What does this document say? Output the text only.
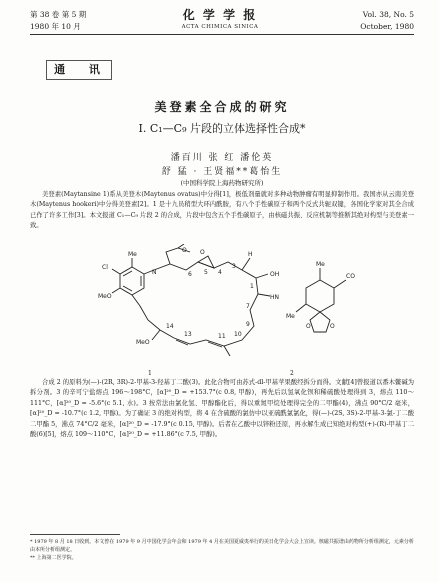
第 38 卷 第 5 期
1980 年 10 月
化 学 学 报
ACTA CHIMICA SINICA
Vol. 38, No. 5
October, 1980
通 讯
美登素全合成的研究
I. C₁—C₉ 片段的立体选择性合成*
潘百川 张 红 潘伦英
舒 猛 · 王贤福**葛怡生
(中国科学院上海药物研究所)
美登素(Maytansine 1)系从美登木(Maytenus ovatus)中分得[1]，极低剂量就对多种动物肿瘤有明显抑制作用。我国亦从云南美登木(Maytenus hookeri)中分得美登素[2]。1 是十九员稍型大环内酰胺，有八个手性碳原子和两个反式共轭双键，各国化学家对其全合成已作了许多工作[3]。本文报道 C₁—C₉ 片段 2 的合成，片段中包含五个手性碳原子，由核磁共振、反应机制等推断其绝对构型与美登素一致。
Cl
MeO
N
Me
O
OH
H
HN
MeO
O
3
4
5
6
7
9
10
11
13
14
1
CO
Me
Me
O	O
1	2
合成 2 的原料为(—)-(2R, 3R)-2-甲基-3-羟基丁二酸(3)。此化合物可由苏式-dl-甲基苹果酸经拆分而得。文献[4]曾报道以番木鳖碱为拆分剂。3 的辛可宁盐熔点 196～198°C，[α]²⁰_D = +153.7°(c 0.8, 甲醇)，再先后以氢氧化钡和稀硫酸处理得到 3，熔点 110～111°C，[α]²⁰_D = -5.6°(c 5.1, 水)。3 按常法由氯化氢、甲醇酯化后，得以重氮甲烷处理得完全的二甲酯(4)，沸点 90°C/2 毫米，[α]²⁰_D = -10.7°(c 1.2, 甲醇)。为了确证 3 的绝对构型，将 4 在含硫酸的氯仿中以亚硫酰氯氯化，得(—)-(2S, 3S)-2-甲基-3-氯-丁二酸二甲酯 5，沸点 74°C/2 毫米，[α]²⁰_D = -17.9°(c 0.15, 甲醇)。后者在乙酸中以锌粉还原，再水解生成已知绝对构型(+)-(R)-甲基丁二酸(6)[5]，熔点 109～110°C，[α]²⁰_D = +11.86°(c 7.5, 甲醇)。
* 1979 年 8 月 18 日收到。本文曾在 1979 年 9 月中国化学会年会和 1979 年 4 月在美国夏威夷举行的美日化学会大会上宣读。核磁共振谱由药物所分析组测定，元素分析由本所分析组测定。
** 上海第二医学院。
